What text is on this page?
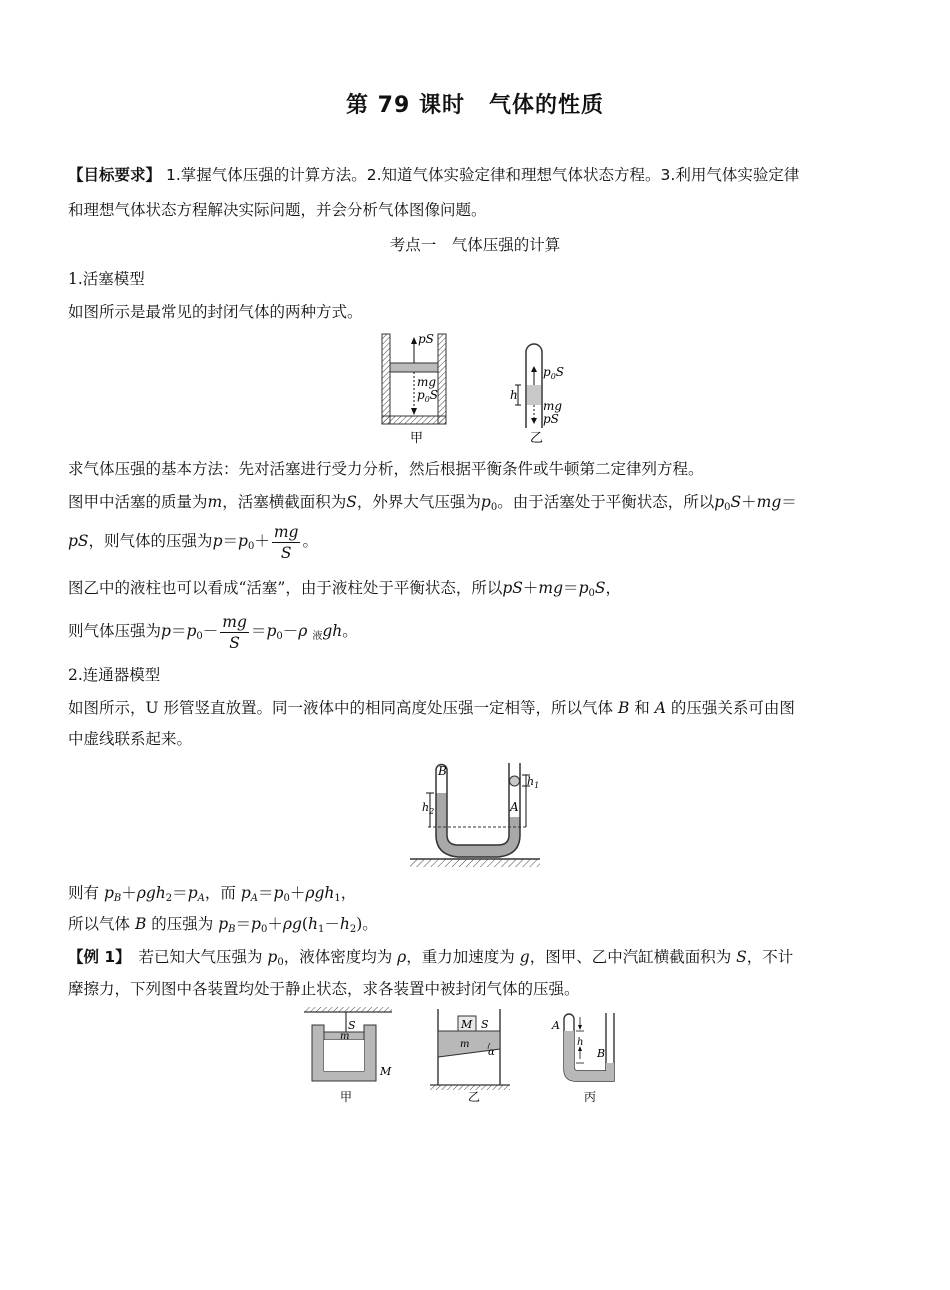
第 79 课时 气体的性质
【目标要求】 1.掌握气体压强的计算方法。2.知道气体实验定律和理想气体状态方程。3.利用气体实验定律
和理想气体状态方程解决实际问题，并会分析气体图像问题。
考点一　气体压强的计算
1.活塞模型
如图所示是最常见的封闭气体的两种方式。
pS
mg
$p_0S$
甲
$p_0S$
h
mg
pS
乙
求气体压强的基本方法：先对活塞进行受力分析，然后根据平衡条件或牛顿第二定律列方程。
图甲中活塞的质量为m，活塞横截面积为S，外界大气压强为$p_0$。由于活塞处于平衡状态，所以$p_0S+mg=$
pS，则气体的压强为$p=p_0+ \frac{mg}{S}$ 。
图乙中的液柱也可以看成“活塞”，由于液柱处于平衡状态，所以$pS+mg=p_0S$，
则气体压强为$p=p_0- \frac{mg}{S} =p_0-\rho$ $_液$gh。
2.连通器模型
如图所示，U 形管竖直放置。同一液体中的相同高度处压强一定相等，所以气体 B 和 A 的压强关系可由图
中虚线联系起来。
B
A
$h_2$
$h_1$
则有 $p_B+\rho gh_2=p_A$，而 $p_A=p_0+\rho gh_1$，
所以气体 B 的压强为 $p_B=p_0+\rho g(h_1-h_2)$。
【例 1】　 若已知大气压强为 $p_0$，液体密度均为 ρ，重力加速度为 g，图甲、乙中汽缸横截面积为 S，不计
摩擦力，下列图中各装置均处于静止状态，求各装置中被封闭气体的压强。
S
m
M
甲
M S
m
α
乙
A
h
B
丙
